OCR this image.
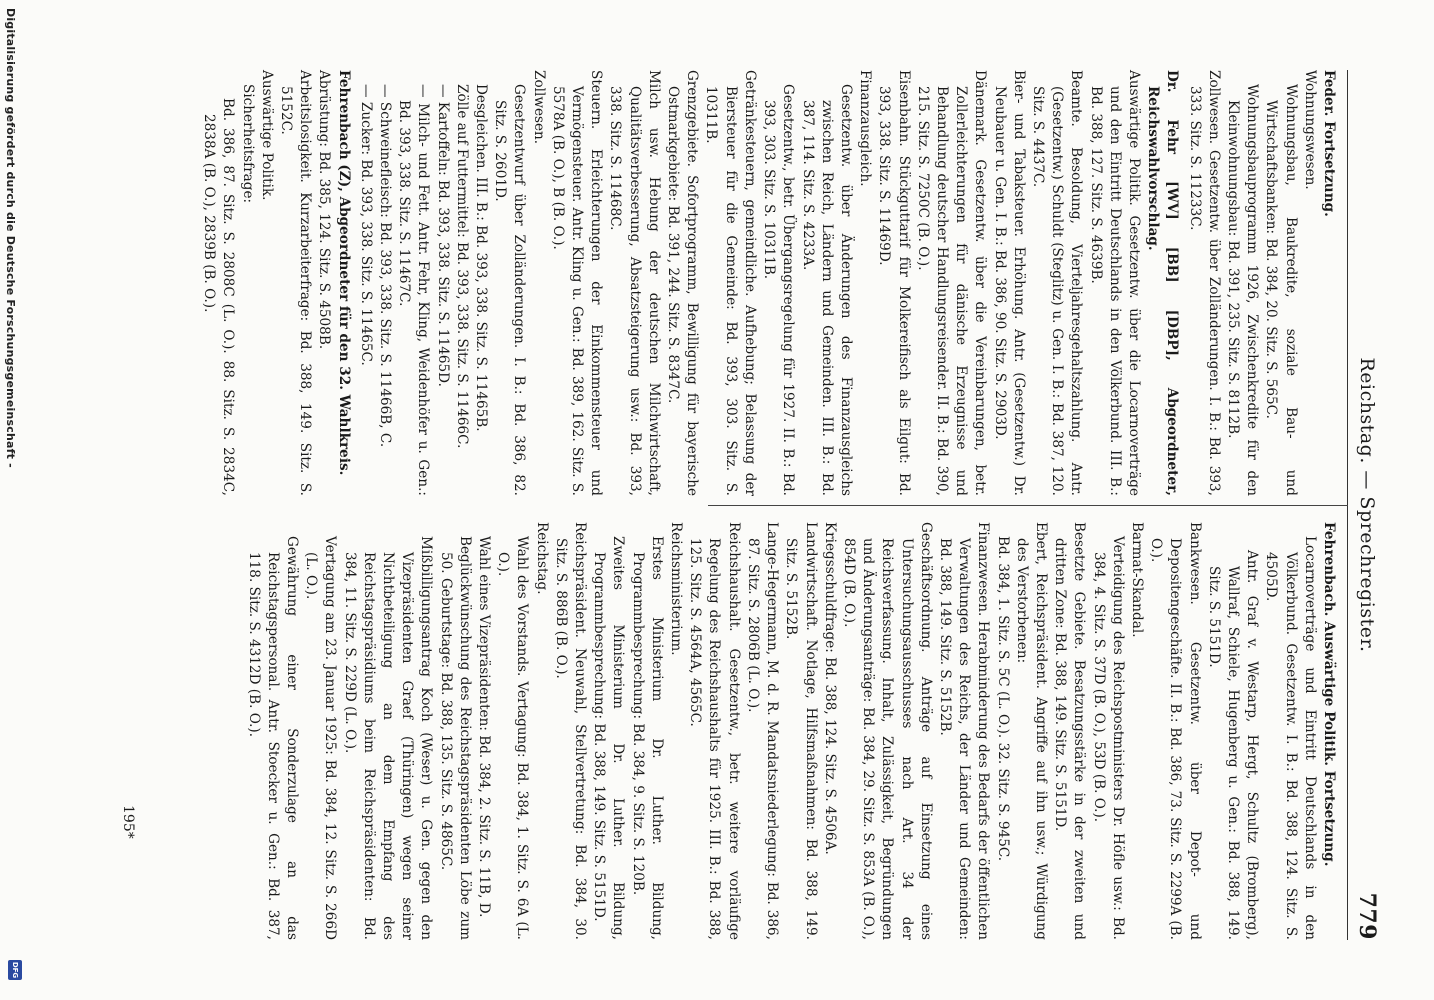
Reichstag. — Sprechregister.
779

Feder. Fortsetzung.

Wohnungswesen.

Wohnungsbau, Baukredite, soziale Bau- und Wirtschaftsbanken: Bd. 384, 20. Sitz. S. 565C.

Wohnungsbauprogramm 1926, Zwischenkredite für den Kleinwohnungsbau: Bd. 391, 235. Sitz. S. 8112B.

Zollwesen. Gesetzentw. über Zolländerungen. I. B.: Bd. 393, 333. Sitz. S. 11233C.

Dr. Fehr [WV] [BB] [DBP], Abgeordneter, Reichswahlvorschlag.

Auswärtige Politik. Gesetzentw. über die Locarnoverträge und den Eintritt Deutschlands in den Völkerbund. III. B.: Bd. 388, 127. Sitz. S. 4639B.

Beamte. Besoldung, Vierteljahresgehaltszahlung. Antr. (Gesetzentw.) Schuldt (Steglitz) u. Gen. I. B.: Bd. 387, 120. Sitz. S. 4437C.

Bier- und Tabaksteuer. Erhöhung. Antr. (Gesetzentw.) Dr. Neubauer u. Gen. I. B.: Bd. 386, 90. Sitz. S. 2903D.

Dänemark. Gesetzentw. über die Vereinbarungen, betr. Zollerleichterungen für dänische Erzeugnisse und Behandlung deutscher Handlungsreisender. II. B.: Bd. 390, 215. Sitz. S. 7250C (B. O.).

Eisenbahn. Stückguttarif für Molkereifisch als Eilgut: Bd. 393, 338. Sitz. S. 11469D.

Finanzausgleich.

Gesetzentw. über Änderungen des Finanzausgleichs zwischen Reich, Ländern und Gemeinden. III. B.: Bd. 387, 114. Sitz. S. 4233A.

Gesetzentw., betr. Übergangsregelung für 1927. II. B.: Bd. 393, 303. Sitz. S. 10311B.

Getränkesteuern, gemeindliche. Aufhebung; Belassung der Biersteuer für die Gemeinde: Bd. 393, 303. Sitz. S. 10311B.

Grenzgebiete. Sofortprogramm, Bewilligung für bayerische Ostmarkgebiete: Bd. 391, 244. Sitz. S. 8347C.

Milch usw. Hebung der deutschen Milchwirtschaft, Qualitätsverbesserung, Absatzsteigerung usw.: Bd. 393, 338. Sitz. S. 11468C.

Steuern. Erleichterungen der Einkommensteuer und Vermögensteuer. Antr. Kling u. Gen.: Bd. 389, 162. Sitz. S. 5578A (B. O.), B (B. O.).

Zollwesen.

Gesetzentwurf über Zolländerungen. I. B.: Bd. 386, 82. Sitz. S. 2601D.

Desgleichen. III. B.: Bd. 393, 338. Sitz. S. 11465B.

Zölle auf Futtermittel: Bd. 393, 338. Sitz. S. 11466C.

— Kartoffeln: Bd. 393, 338. Sitz. S. 11465D.

— Milch- und Fett. Antr. Fehr, Kling, Weidenhöfer u. Gen.: Bd. 393, 338. Sitz. S. 11467C.

— Schweinefleisch: Bd. 393, 338. Sitz. S. 11466B, C.

— Zucker: Bd. 393, 338. Sitz. S. 11465C.

Fehrenbach (Z), Abgeordneter für den 32. Wahlkreis.

Abrüstung: Bd. 385, 124. Sitz. S. 4508B.

Arbeitslosigkeit. Kurzarbeiterfrage: Bd. 388, 149. Sitz. S. 5152C.

Auswärtige Politik.

Sicherheitsfrage:

Bd. 386, 87. Sitz. S. 2808C (L. O.). 88. Sitz. S. 2834C, 2838A (B. O.), 2839B (B. O.).

Fehrenbach. Auswärtige Politik. Fortsetzung.

Locarnoverträge und Eintritt Deutschlands in den Völkerbund. Gesetzentw. I. B.: Bd. 388, 124. Sitz. S. 4505D.

Antr. Graf v. Westarp, Hergt, Schultz (Bromberg), Wallraf, Schiele, Hugenberg u. Gen.: Bd. 388, 149. Sitz. S. 5151D.

Bankwesen. Gesetzentw. über Depot- und Depositengeschäfte. II. B.: Bd. 386, 73. Sitz. S. 2299A (B. O.).

Barmat-Skandal.

Verteidigung des Reichspostministers Dr. Höfle usw.: Bd. 384, 4. Sitz. S. 37D (B. O.), 53D (B. O.).

Besetzte Gebiete. Besatzungsstärke in der zweiten und dritten Zone: Bd. 388, 149. Sitz. S. 5151D.

Ebert, Reichspräsident. Angriffe auf ihn usw.; Würdigung des Verstorbenen:

Bd. 384, 1. Sitz. S. 5C (L. O.). 32. Sitz. S. 945C.

Finanzwesen. Herabminderung des Bedarfs der öffentlichen Verwaltungen des Reichs, der Länder und Gemeinden: Bd. 388, 149. Sitz. S. 5152B.

Geschäftsordnung. Anträge auf Einsetzung eines Untersuchungsausschusses nach Art. 34 der Reichsverfassung. Inhalt, Zulässigkeit, Begründungen und Änderungsanträge: Bd. 384, 29. Sitz. S. 853A (B. O.), 854D (B. O.).

Kriegsschuldfrage: Bd. 388, 124. Sitz. S. 4506A.

Landwirtschaft. Notlage, Hilfsmaßnahmen: Bd. 388, 149. Sitz. S. 5152B.

Lange-Hegermann, M. d. R. Mandatsniederlegung: Bd. 386, 87. Sitz. S. 2806B (L. O.).

Reichshaushalt. Gesetzentw., betr. weitere vorläufige Regelung des Reichshaushalts für 1925. III. B.: Bd. 388, 125. Sitz. S. 4564A, 4565C.

Reichsministerium.

Erstes Ministerium Dr. Luther. Bildung, Programmbesprechung: Bd. 384, 9. Sitz. S. 120B.

Zweites Ministerium Dr. Luther. Bildung, Programmbesprechung: Bd. 388, 149. Sitz. S. 5151D.

Reichspräsident. Neuwahl, Stellvertretung: Bd. 384, 30. Sitz. S. 886B (B. O.).

Reichstag.

Wahl des Vorstands. Vertagung: Bd. 384, 1. Sitz. S. 6A (L. O.).

Wahl eines Vizepräsidenten: Bd. 384, 2. Sitz. S. 11B, D.

Beglückwünschung des Reichstagspräsidenten Löbe zum 50. Geburtstage: Bd. 388, 135. Sitz. S. 4865C.

Mißbilligungsantrag Koch (Weser) u. Gen. gegen den Vizepräsidenten Graef (Thüringen) wegen seiner Nichtbeteiligung an dem Empfang des Reichstagspräsidiums beim Reichspräsidenten: Bd. 384, 11. Sitz. S. 229D (L. O.).

Vertagung am 23. Januar 1925: Bd. 384, 12. Sitz. S. 266D (L. O.).

Gewährung einer Sonderzulage an das Reichstagspersonal. Antr. Stoecker u. Gen.: Bd. 387, 118. Sitz. S. 4312D (B. O.).

195*
Digitalisierung gefördert durch die Deutsche Forschungsgemeinschaft -
DFG
